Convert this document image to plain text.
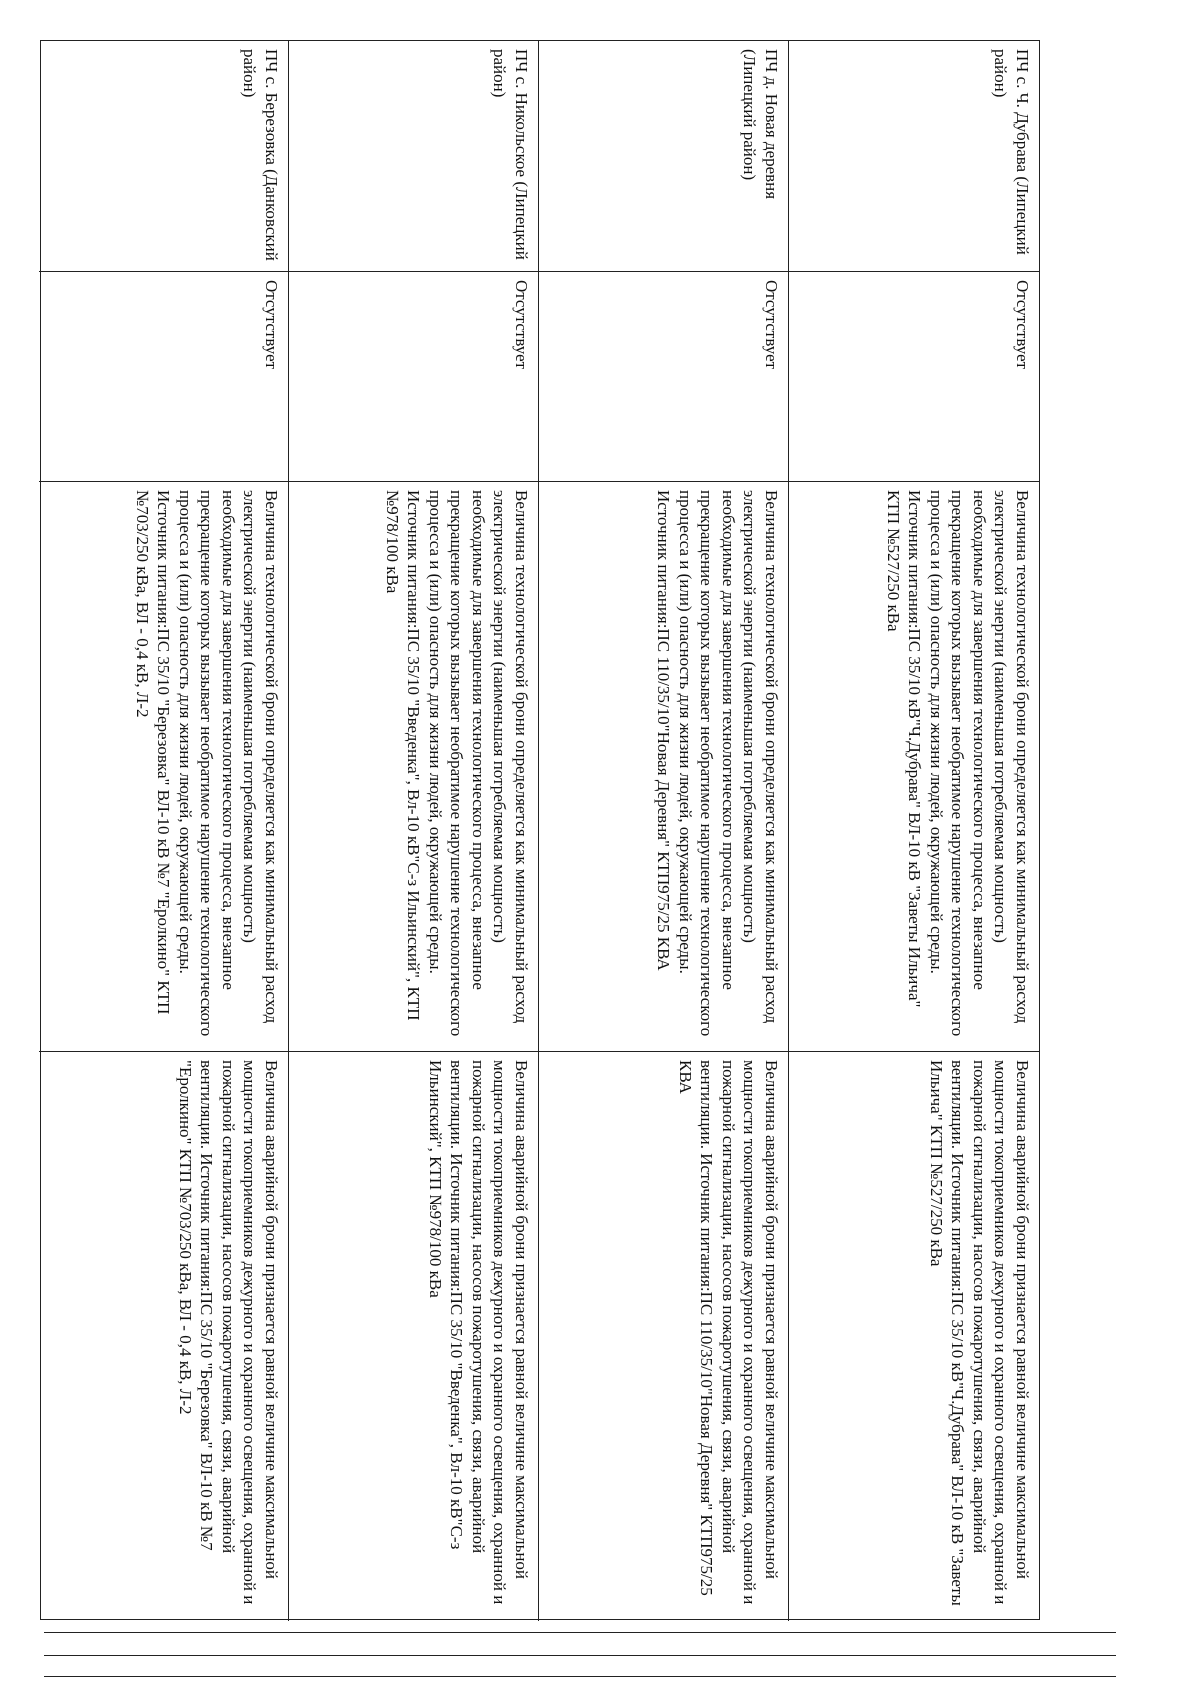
ПЧ с. Ч. Дубрава (Липецкий район)
Отсутствует
Величина технологической брони определяется как минимальный расход электрической энергии (наименьшая потребляемая мощность) необходимые для завершения технологического процесса, внезапное прекращение которых вызывает необратимое нарушение технологического процесса и (или) опасность для жизни людей, окружающей среды. Источник питания:ПС 35/10 кВ"Ч.Дубрава" ВЛ-10 кВ "Заветы Ильича" КТП №527/250 кВа
Величина аварийной брони признается равной величине максимальной мощности токоприемников дежурного и охранного освещения, охранной и пожарной сигнализации, насосов пожаротушения, связи, аварийной вентиляции. Источник питания:ПС 35/10 кВ"Ч.Дубрава" ВЛ-10 кВ "Заветы Ильича" КТП №527/250 кВа
ПЧ д. Новая деревня (Липецкий район)
Отсутствует
Величина технологической брони определяется как минимальный расход электрической энергии (наименьшая потребляемая мощность) необходимые для завершения технологического процесса, внезапное прекращение которых вызывает необратимое нарушение технологического процесса и (или) опасность для жизни людей, окружающей среды. Источник питания:ПС 110/35/10"Новая Деревня" КТП975/25 КВА
Величина аварийной брони признается равной величине максимальной мощности токоприемников дежурного и охранного освещения, охранной и пожарной сигнализации, насосов пожаротушения, связи, аварийной вентиляции. Источник питания:ПС 110/35/10"Новая Деревня" КТП975/25 КВА
ПЧ с. Никольское (Липецкий район)
Отсутствует
Величина технологической брони определяется как минимальный расход электрической энергии (наименьшая потребляемая мощность) необходимые для завершения технологического процесса, внезапное прекращение которых вызывает необратимое нарушение технологического процесса и (или) опасность для жизни людей, окружающей среды. Источник питания:ПС 35/10 "Введенка", Вл-10 кВ"С-з Ильинский", КТП №978/100 кВа
Величина аварийной брони признается равной величине максимальной мощности токоприемников дежурного и охранного освещения, охранной и пожарной сигнализации, насосов пожаротушения, связи, аварийной вентиляции. Источник питания:ПС 35/10 "Введенка", Вл-10 кВ"С-з Ильинский", КТП №978/100 кВа
ПЧ с. Березовка (Данковский район)
Отсутствует
Величина технологической брони определяется как минимальный расход электрической энергии (наименьшая потребляемая мощность) необходимые для завершения технологического процесса, внезапное прекращение которых вызывает необратимое нарушение технологического процесса и (или) опасность для жизни людей, окружающей среды. Источник питания:ПС 35/10 "Березовка" ВЛ-10 кВ №7 "Еролкино" КТП №703/250 кВа, ВЛ - 0,4 кВ, Л-2
Величина аварийной брони признается равной величине максимальной мощности токоприемников дежурного и охранного освещения, охранной и пожарной сигнализации, насосов пожаротушения, связи, аварийной вентиляции. Источник питания:ПС 35/10 "Березовка" ВЛ-10 кВ №7 "Еролкино" КТП №703/250 кВа, ВЛ - 0,4 кВ, Л-2
